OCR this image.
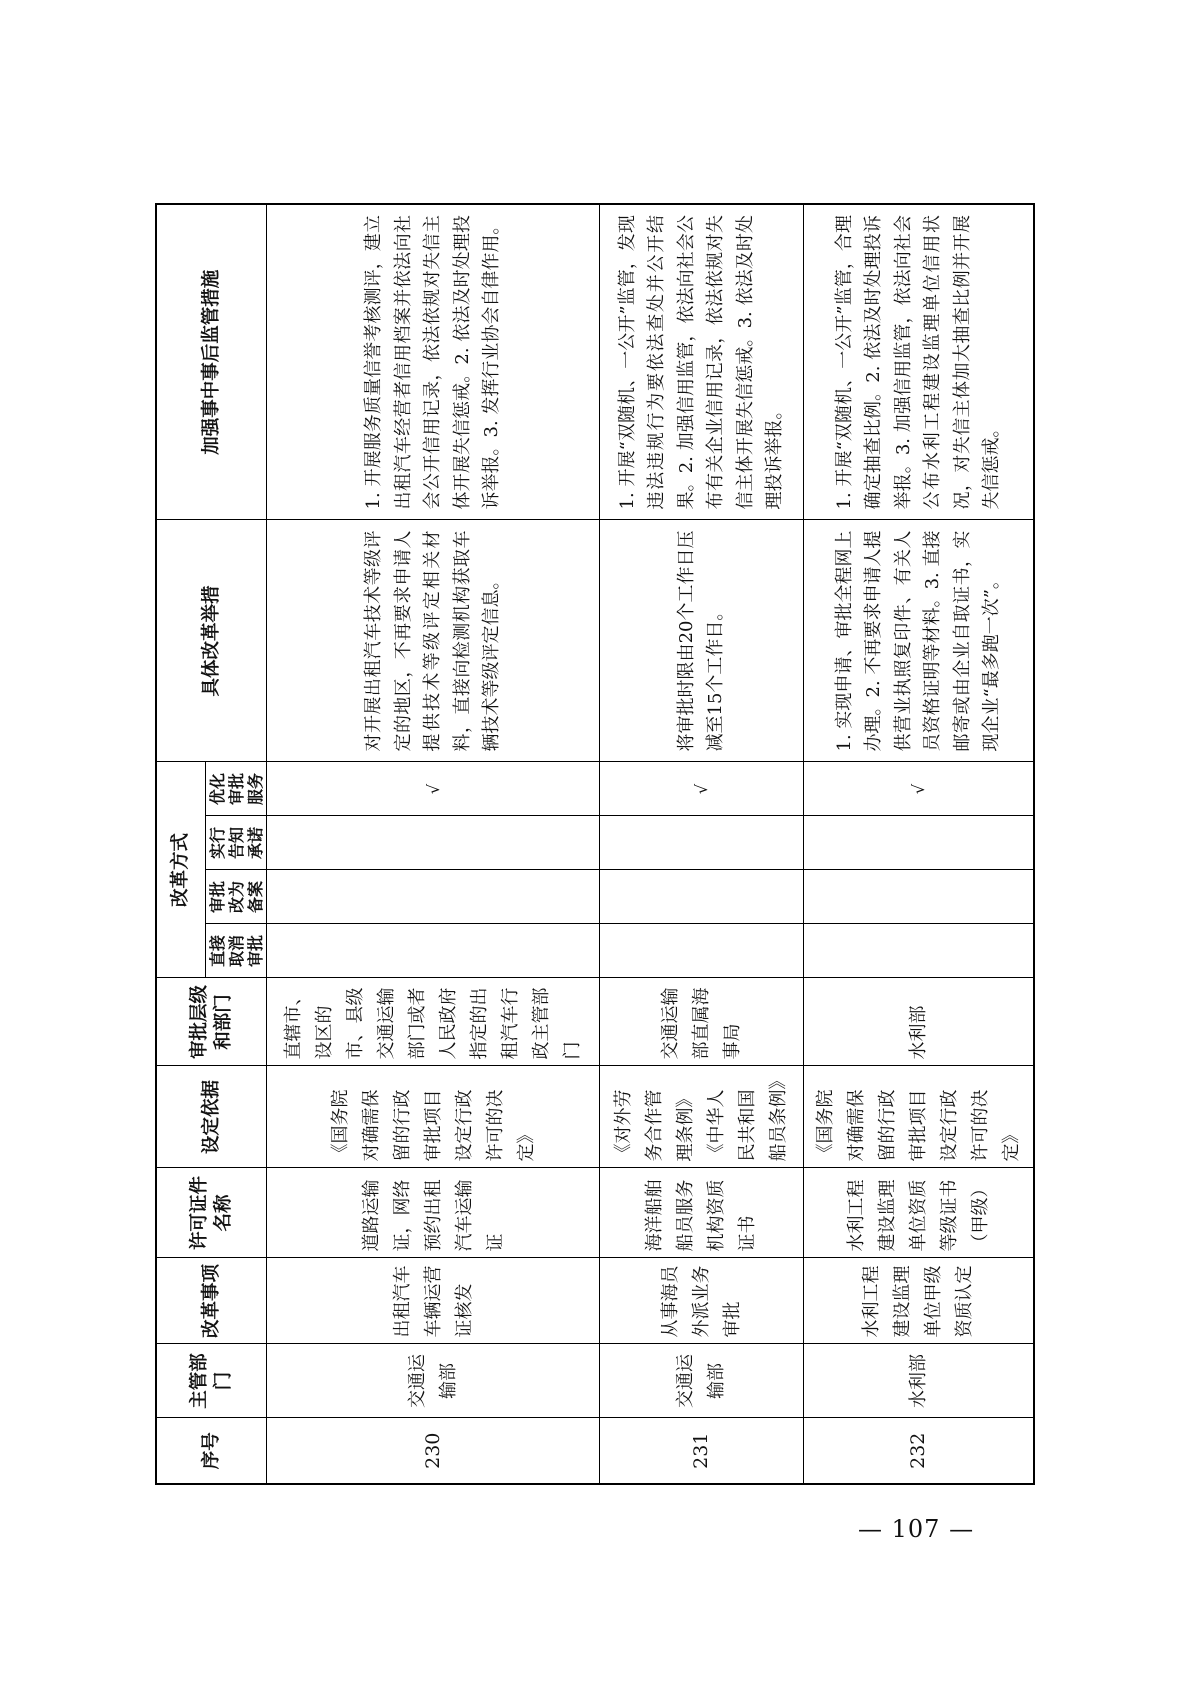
序号	主管部门	改革事项	许可证件名称	设定依据	审批层级和部门	改革方式				具体改革举措	加强事中事后监管措施
						直接取消审批	审批改为备案	实行告知承诺	优化审批服务		

230	交通运输部	出租汽车车辆运营证核发	道路运输证，网络预约出租汽车运输证	《国务院对确需保留的行政审批项目设定行政许可的决定》	直辖市、设区的市、县级交通运输部门或者人民政府指定的出租汽车行政主管部门				√	对开展出租汽车技术等级评定的地区，不再要求申请人提供技术等级评定相关材料，直接向检测机构获取车辆技术等级评定信息。	1. 开展服务质量信誉考核测评，建立出租汽车经营者信用档案并依法向社会公开信用记录，依法依规对失信主体开展失信惩戒。2. 依法及时处理投诉举报。3. 发挥行业协会自律作用。

231	交通运输部	从事海员外派业务审批	海洋船舶船员服务机构资质证书	《对外劳务合作管理条例》《中华人民共和国船员条例》	交通运输部直属海事局				√	将审批时限由20个工作日压减至15个工作日。	1. 开展“双随机、一公开”监管，发现违法违规行为要依法查处并公开结果。2. 加强信用监管，依法向社会公布有关企业信用记录，依法依规对失信主体开展失信惩戒。3. 依法及时处理投诉举报。

232	水利部	水利工程建设监理单位甲级资质认定	水利工程建设监理单位资质等级证书（甲级）	《国务院对确需保留的行政审批项目设定行政许可的决定》	水利部				√	1. 实现申请、审批全程网上办理。2. 不再要求申请人提供营业执照复印件、有关人员资格证明等材料。3. 直接邮寄或由企业自取证书，实现企业“最多跑一次”。	1. 开展“双随机、一公开”监管，合理确定抽查比例。2. 依法及时处理投诉举报。3. 加强信用监管，依法向社会公布水利工程建设监理单位信用状况，对失信主体加大抽查比例并开展失信惩戒。
— 107 —
